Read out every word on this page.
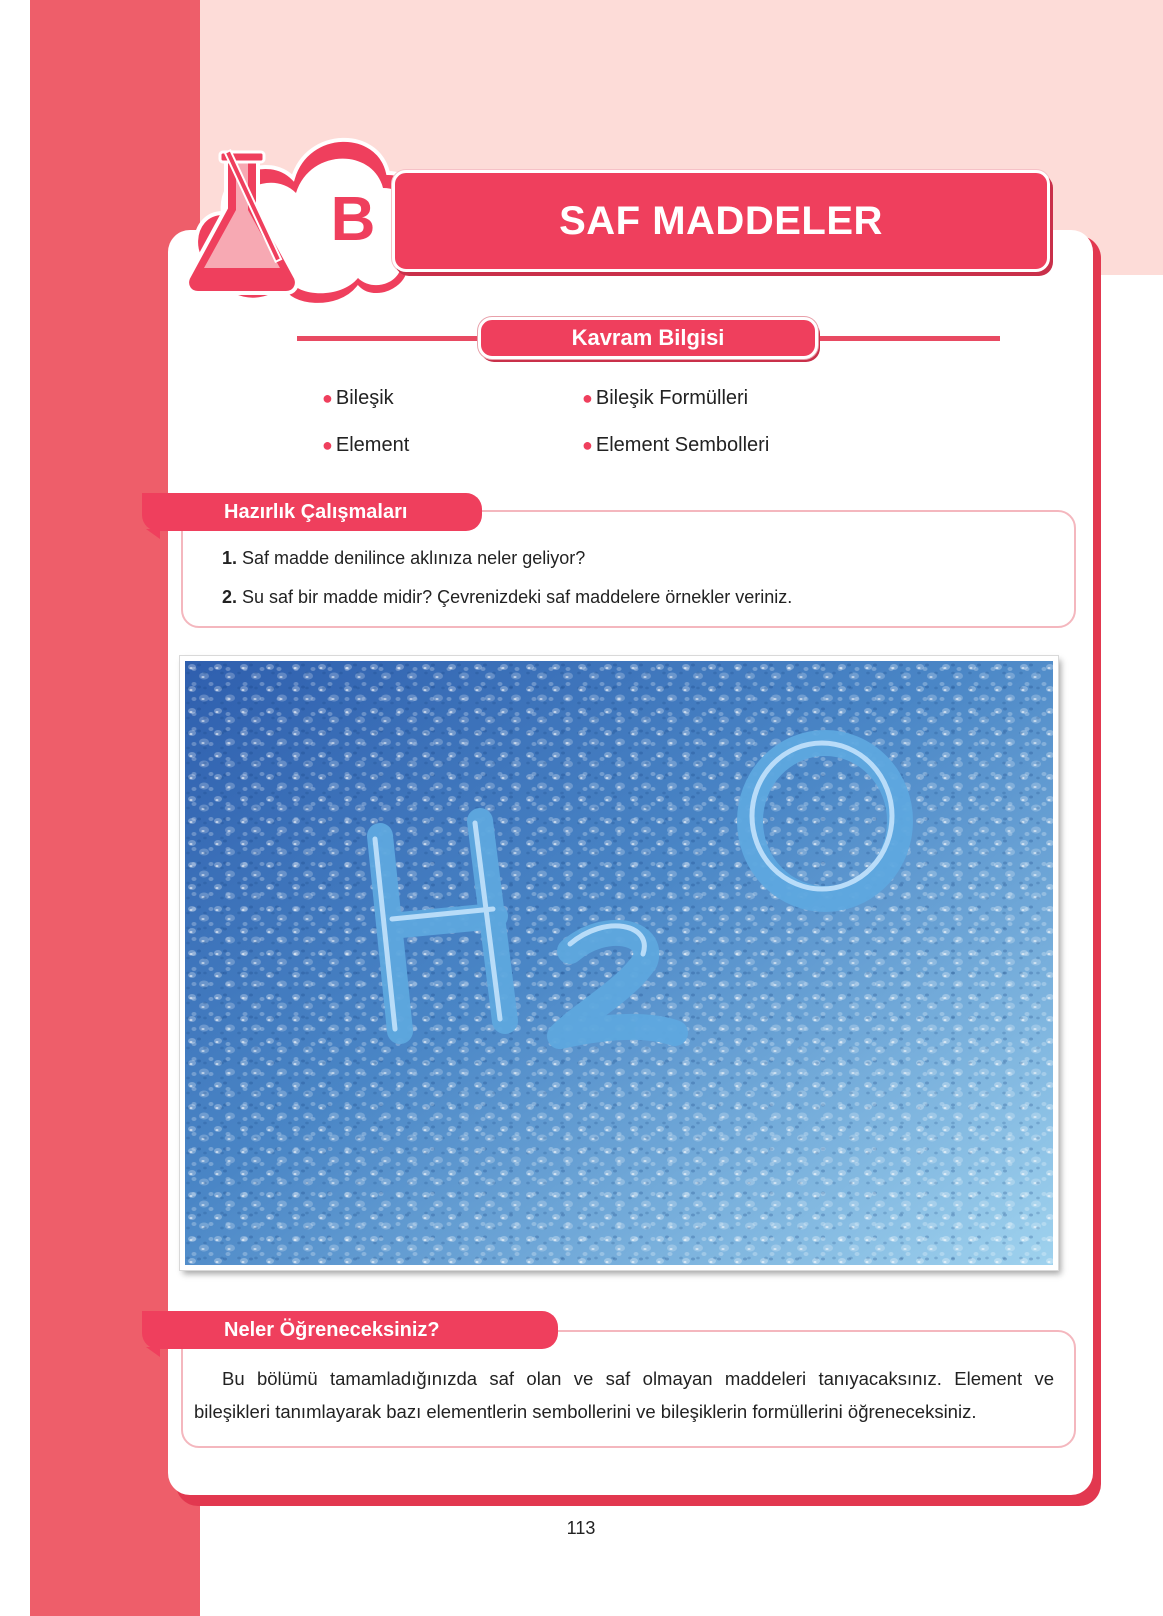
B	SAF MADDELER
Kavram Bilgisi
● Bileşik	● Bileşik Formülleri
● Element	● Element Sembolleri
Hazırlık Çalışmaları
1. Saf madde denilince aklınıza neler geliyor?
2. Su saf bir madde midir? Çevrenizdeki saf maddelere örnekler veriniz.
Neler Öğreneceksiniz?
Bu bölümü tamamladığınızda saf olan ve saf olmayan maddeleri tanıyacaksınız. Element ve bileşikleri tanımlayarak bazı elementlerin sembollerini ve bileşiklerin formüllerini öğreneceksiniz.
113
